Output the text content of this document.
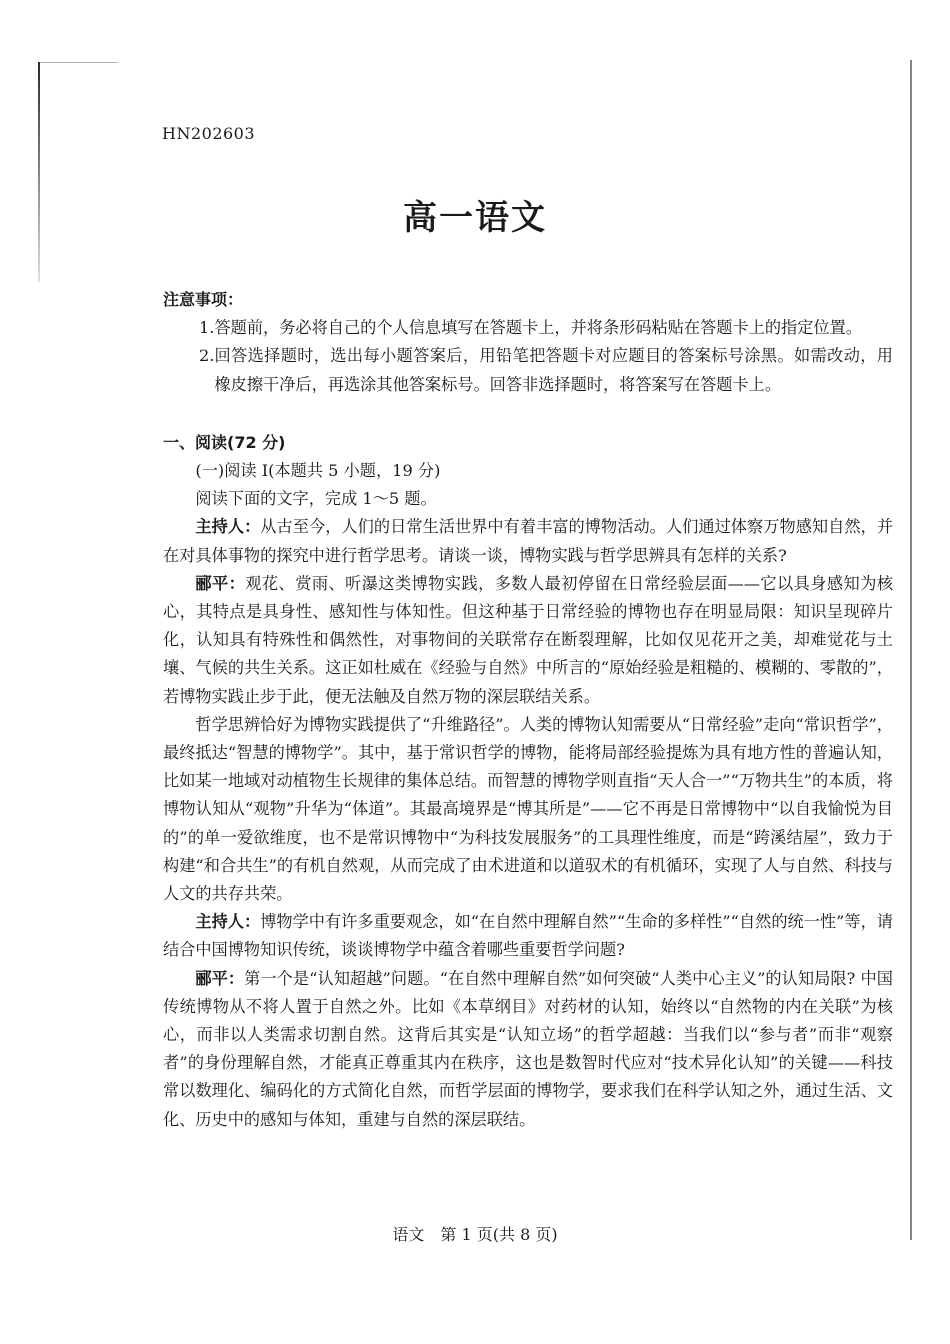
HN202603
高一语文
注意事项：
1. 答题前，务必将自己的个人信息填写在答题卡上，并将条形码粘贴在答题卡上的指定位置。
2. 回答选择题时，选出每小题答案后，用铅笔把答题卡对应题目的答案标号涂黑。如需改动，用橡皮擦干净后，再选涂其他答案标号。回答非选择题时，将答案写在答题卡上。
一、阅读(72 分)
(一)阅读 I(本题共 5 小题，19 分)
阅读下面的文字，完成 1～5 题。
主持人：从古至今，人们的日常生活世界中有着丰富的博物活动。人们通过体察万物感知自然，并在对具体事物的探究中进行哲学思考。请谈一谈，博物实践与哲学思辨具有怎样的关系?
郦平：观花、赏雨、听瀑这类博物实践，多数人最初停留在日常经验层面——它以具身感知为核心，其特点是具身性、感知性与体知性。但这种基于日常经验的博物也存在明显局限：知识呈现碎片化，认知具有特殊性和偶然性，对事物间的关联常存在断裂理解，比如仅见花开之美，却难觉花与土壤、气候的共生关系。这正如杜威在《经验与自然》中所言的“原始经验是粗糙的、模糊的、零散的”，若博物实践止步于此，便无法触及自然万物的深层联结关系。
哲学思辨恰好为博物实践提供了“升维路径”。人类的博物认知需要从“日常经验”走向“常识哲学”，最终抵达“智慧的博物学”。其中，基于常识哲学的博物，能将局部经验提炼为具有地方性的普遍认知，比如某一地域对动植物生长规律的集体总结。而智慧的博物学则直指“天人合一”“万物共生”的本质，将博物认知从“观物”升华为“体道”。其最高境界是“博其所是”——它不再是日常博物中“以自我愉悦为目的”的单一爱欲维度，也不是常识博物中“为科技发展服务”的工具理性维度，而是“跨溪结屋”，致力于构建“和合共生”的有机自然观，从而完成了由术进道和以道驭术的有机循环，实现了人与自然、科技与人文的共存共荣。
主持人：博物学中有许多重要观念，如“在自然中理解自然”“生命的多样性”“自然的统一性”等，请结合中国博物知识传统，谈谈博物学中蕴含着哪些重要哲学问题?
郦平：第一个是“认知超越”问题。“在自然中理解自然”如何突破“人类中心主义”的认知局限? 中国传统博物从不将人置于自然之外。比如《本草纲目》对药材的认知，始终以“自然物的内在关联”为核心，而非以人类需求切割自然。这背后其实是“认知立场”的哲学超越：当我们以“参与者”而非“观察者”的身份理解自然，才能真正尊重其内在秩序，这也是数智时代应对“技术异化认知”的关键——科技常以数理化、编码化的方式简化自然，而哲学层面的博物学，要求我们在科学认知之外，通过生活、文化、历史中的感知与体知，重建与自然的深层联结。
语文　第 1 页(共 8 页)
